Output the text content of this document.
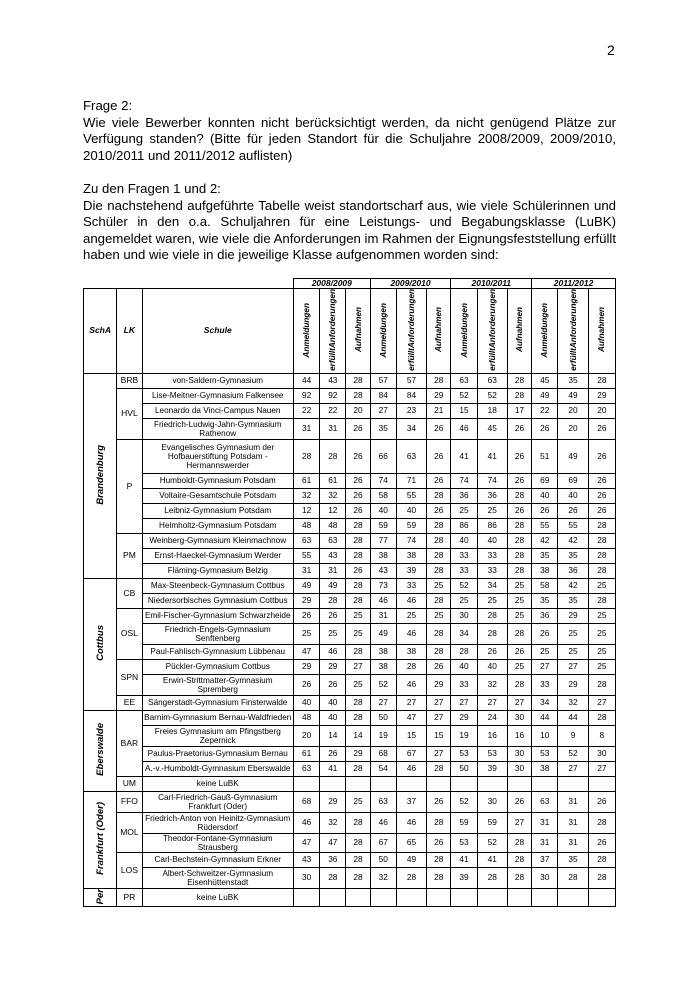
2
Frage 2:
Wie viele Bewerber konnten nicht berücksichtigt werden, da nicht genügend Plätze zur Verfügung standen? (Bitte für jeden Standort für die Schuljahre 2008/2009, 2009/2010, 2010/2011 und 2011/2012 auflisten)
Zu den Fragen 1 und 2:
Die nachstehend aufgeführte Tabelle weist standortscharf aus, wie viele Schülerinnen und Schüler in den o.a. Schuljahren für eine Leistungs- und Begabungsklasse (LuBK) angemeldet waren, wie viele die Anforderungen im Rahmen der Eignungsfeststellung erfüllt haben und wie viele in die jeweilige Klasse aufgenommen worden sind:
			2008/2009			2009/2010			2010/2011			2011/2012		
SchA	LK	Schule	Anmeldungen	erfülltAnforderungen	Aufnahmen	Anmeldungen	erfülltAnforderungen	Aufnahmen	Anmeldungen	erfülltAnforderungen	Aufnahmen	Anmeldungen	erfülltAnforderungen	Aufnahmen
Brandenburg	BRB	von-Saldern-Gymnasium	44	43	28	57	57	28	63	63	28	45	35	28
	HVL	Lise-Meitner-Gymnasium Falkensee	92	92	28	84	84	29	52	52	28	49	49	29
		Leonardo da Vinci-Campus Nauen	22	22	20	27	23	21	15	18	17	22	20	20
		Friedrich-Ludwig-Jahn-Gymnasium Rathenow	31	31	26	35	34	26	46	45	26	26	20	26
	P	Evangelisches Gymnasium der Hofbauerstiftung Potsdam - Hermannswerder	28	28	26	66	63	26	41	41	26	51	49	26
		Humboldt-Gymnasium Potsdam	61	61	26	74	71	26	74	74	26	69	69	26
		Voltaire-Gesamtschule Potsdam	32	32	26	58	55	28	36	36	28	40	40	26
		Leibniz-Gymnasium Potsdam	12	12	26	40	40	26	25	25	26	26	26	26
		Helmholtz-Gymnasium Potsdam	48	48	28	59	59	28	86	86	28	55	55	28
	PM	Weinberg-Gymnasium Kleinmachnow	63	63	28	77	74	28	40	40	28	42	42	28
		Ernst-Haeckel-Gymnasium Werder	55	43	28	38	38	28	33	33	28	35	35	28
		Fläming-Gymnasium Belzig	31	31	26	43	39	28	33	33	28	38	36	28
Cottbus	CB	Max-Steenbeck-Gymnasium Cottbus	49	49	28	73	33	25	52	34	25	58	42	25
		Niedersorbisches Gymnasium Cottbus	29	28	28	46	46	28	25	25	25	35	35	28
	OSL	Emil-Fischer-Gymnasium Schwarzheide	26	26	25	31	25	25	30	28	25	36	29	25
		Friedrich-Engels-Gymnasium Senftenberg	25	25	25	49	46	28	34	28	28	26	25	25
		Paul-Fahlisch-Gymnasium Lübbenau	47	46	28	38	38	28	28	26	26	25	25	25
	SPN	Pückler-Gymnasium Cottbus	29	29	27	38	28	26	40	40	25	27	27	25
		Erwin-Strittmatter-Gymnasium Spremberg	26	26	25	52	46	29	33	32	28	33	29	28
	EE	Sängerstadt-Gymnasium Finsterwalde	40	40	28	27	27	27	27	27	27	34	32	27
Eberswalde	BAR	Barnim-Gymnasium Bernau-Waldfrieden	48	40	28	50	47	27	29	24	30	44	44	28
		Freies Gymnasium am Pfingstberg Zepernick	20	14	14	19	15	15	19	16	16	10	9	8
		Paulus-Praetorius-Gymnasium Bernau	61	26	29	68	67	27	53	53	30	53	52	30
		A.-v.-Humboldt-Gymnasium Eberswalde	63	41	28	54	46	28	50	39	30	38	27	27
	UM	keine LuBK												
Frankfurt (Oder)	FFO	Carl-Friedrich-Gauß-Gymnasium Frankfurt (Oder)	68	29	25	63	37	26	52	30	26	63	31	26
	MOL	Friedrich-Anton von Heinitz-Gymnasium Rüdersdorf	46	32	28	46	46	28	59	59	27	31	31	28
		Theodor-Fontane-Gymnasium Strausberg	47	47	28	67	65	26	53	52	28	31	31	26
	LOS	Carl-Bechstein-Gymnasium Erkner	43	36	28	50	49	28	41	41	28	37	35	28
		Albert-Schweitzer-Gymnasium Eisenhüttenstadt	30	28	28	32	28	28	39	28	28	30	28	28
Per	PR	keine LuBK												
